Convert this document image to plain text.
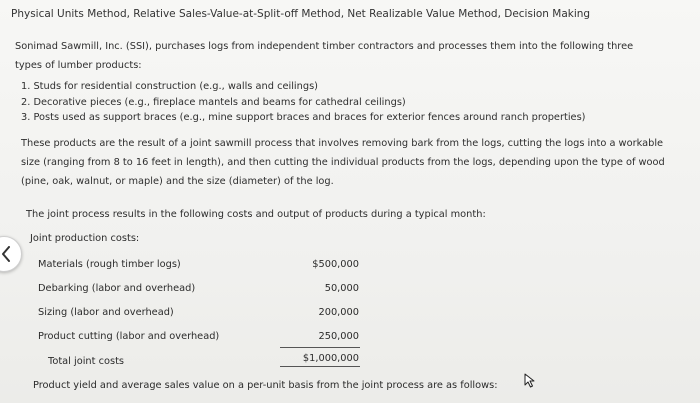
Physical Units Method, Relative Sales-Value-at-Split-off Method, Net Realizable Value Method, Decision Making
Sonimad Sawmill, Inc. (SSI), purchases logs from independent timber contractors and processes them into the following three
types of lumber products:
1. Studs for residential construction (e.g., walls and ceilings)
2. Decorative pieces (e.g., fireplace mantels and beams for cathedral ceilings)
3. Posts used as support braces (e.g., mine support braces and braces for exterior fences around ranch properties)
These products are the result of a joint sawmill process that involves removing bark from the logs, cutting the logs into a workable
size (ranging from 8 to 16 feet in length), and then cutting the individual products from the logs, depending upon the type of wood
(pine, oak, walnut, or maple) and the size (diameter) of the log.
The joint process results in the following costs and output of products during a typical month:
Joint production costs:
Materials (rough timber logs)	$500,000
Debarking (labor and overhead)	50,000
Sizing (labor and overhead)	200,000
Product cutting (labor and overhead)	250,000
Total joint costs	$1,000,000
Product yield and average sales value on a per-unit basis from the joint process are as follows:
